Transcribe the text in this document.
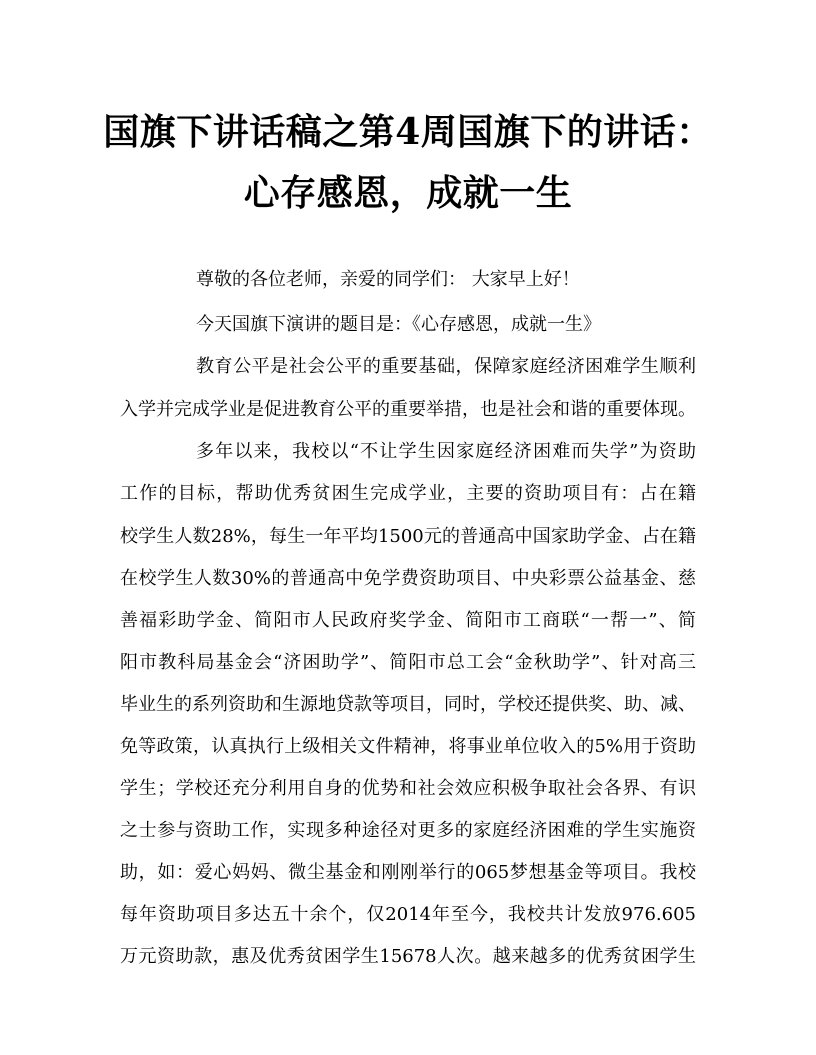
国旗下讲话稿之第4周国旗下的讲话：
心存感恩，成就一生
尊敬的各位老师，亲爱的同学们： 大家早上好！
今天国旗下演讲的题目是：《心存感恩，成就一生》
教育公平是社会公平的重要基础，保障家庭经济困难学生顺利
入学并完成学业是促进教育公平的重要举措，也是社会和谐的重要体现。
多年以来，我校以“不让学生因家庭经济困难而失学”为资助
工作的目标，帮助优秀贫困生完成学业，主要的资助项目有：占在籍
校学生人数28%，每生一年平均1500元的普通高中国家助学金、占在籍
在校学生人数30%的普通高中免学费资助项目、中央彩票公益基金、慈
善福彩助学金、简阳市人民政府奖学金、简阳市工商联“一帮一”、简
阳市教科局基金会“济困助学”、简阳市总工会“金秋助学”、针对高三
毕业生的系列资助和生源地贷款等项目，同时，学校还提供奖、助、减、
免等政策，认真执行上级相关文件精神，将事业单位收入的5%用于资助
学生；学校还充分利用自身的优势和社会效应积极争取社会各界、有识
之士参与资助工作，实现多种途径对更多的家庭经济困难的学生实施资
助，如：爱心妈妈、微尘基金和刚刚举行的065梦想基金等项目。我校
每年资助项目多达五十余个，仅2014年至今，我校共计发放976.605
万元资助款，惠及优秀贫困学生15678人次。越来越多的优秀贫困学生
